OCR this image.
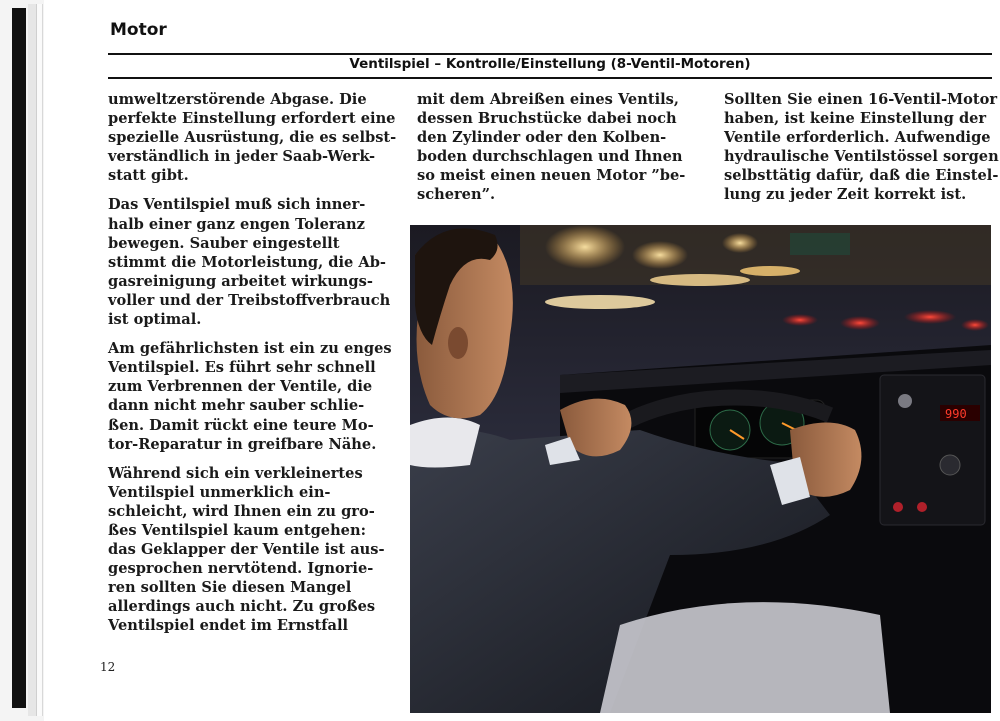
Motor
Ventilspiel – Kontrolle/Einstellung (8-Ventil-Motoren)

umweltzerstörende Abgase. Die
perfekte Einstellung erfordert eine
spezielle Ausrüstung, die es selbst-
verständlich in jeder Saab-Werk-
statt gibt.

Das Ventilspiel muß sich inner-
halb einer ganz engen Toleranz
bewegen. Sauber eingestellt
stimmt die Motorleistung, die Ab-
gasreinigung arbeitet wirkungs-
voller und der Treibstoffverbrauch
ist optimal.

Am gefährlichsten ist ein zu enges
Ventilspiel. Es führt sehr schnell
zum Verbrennen der Ventile, die
dann nicht mehr sauber schlie-
ßen. Damit rückt eine teure Mo-
tor-Reparatur in greifbare Nähe.

Während sich ein verkleinertes
Ventilspiel unmerklich ein-
schleicht, wird Ihnen ein zu gro-
ßes Ventilspiel kaum entgehen:
das Geklapper der Ventile ist aus-
gesprochen nervtötend. Ignorie-
ren sollten Sie diesen Mangel
allerdings auch nicht. Zu großes
Ventilspiel endet im Ernstfall

mit dem Abreißen eines Ventils,
dessen Bruchstücke dabei noch
den Zylinder oder den Kolben-
boden durchschlagen und Ihnen
so meist einen neuen Motor ”be-
scheren”.

Sollten Sie einen 16-Ventil-Motor
haben, ist keine Einstellung der
Ventile erforderlich. Aufwendige
hydraulische Ventilstössel sorgen
selbsttätig dafür, daß die Einstel-
lung zu jeder Zeit korrekt ist.

990
12
